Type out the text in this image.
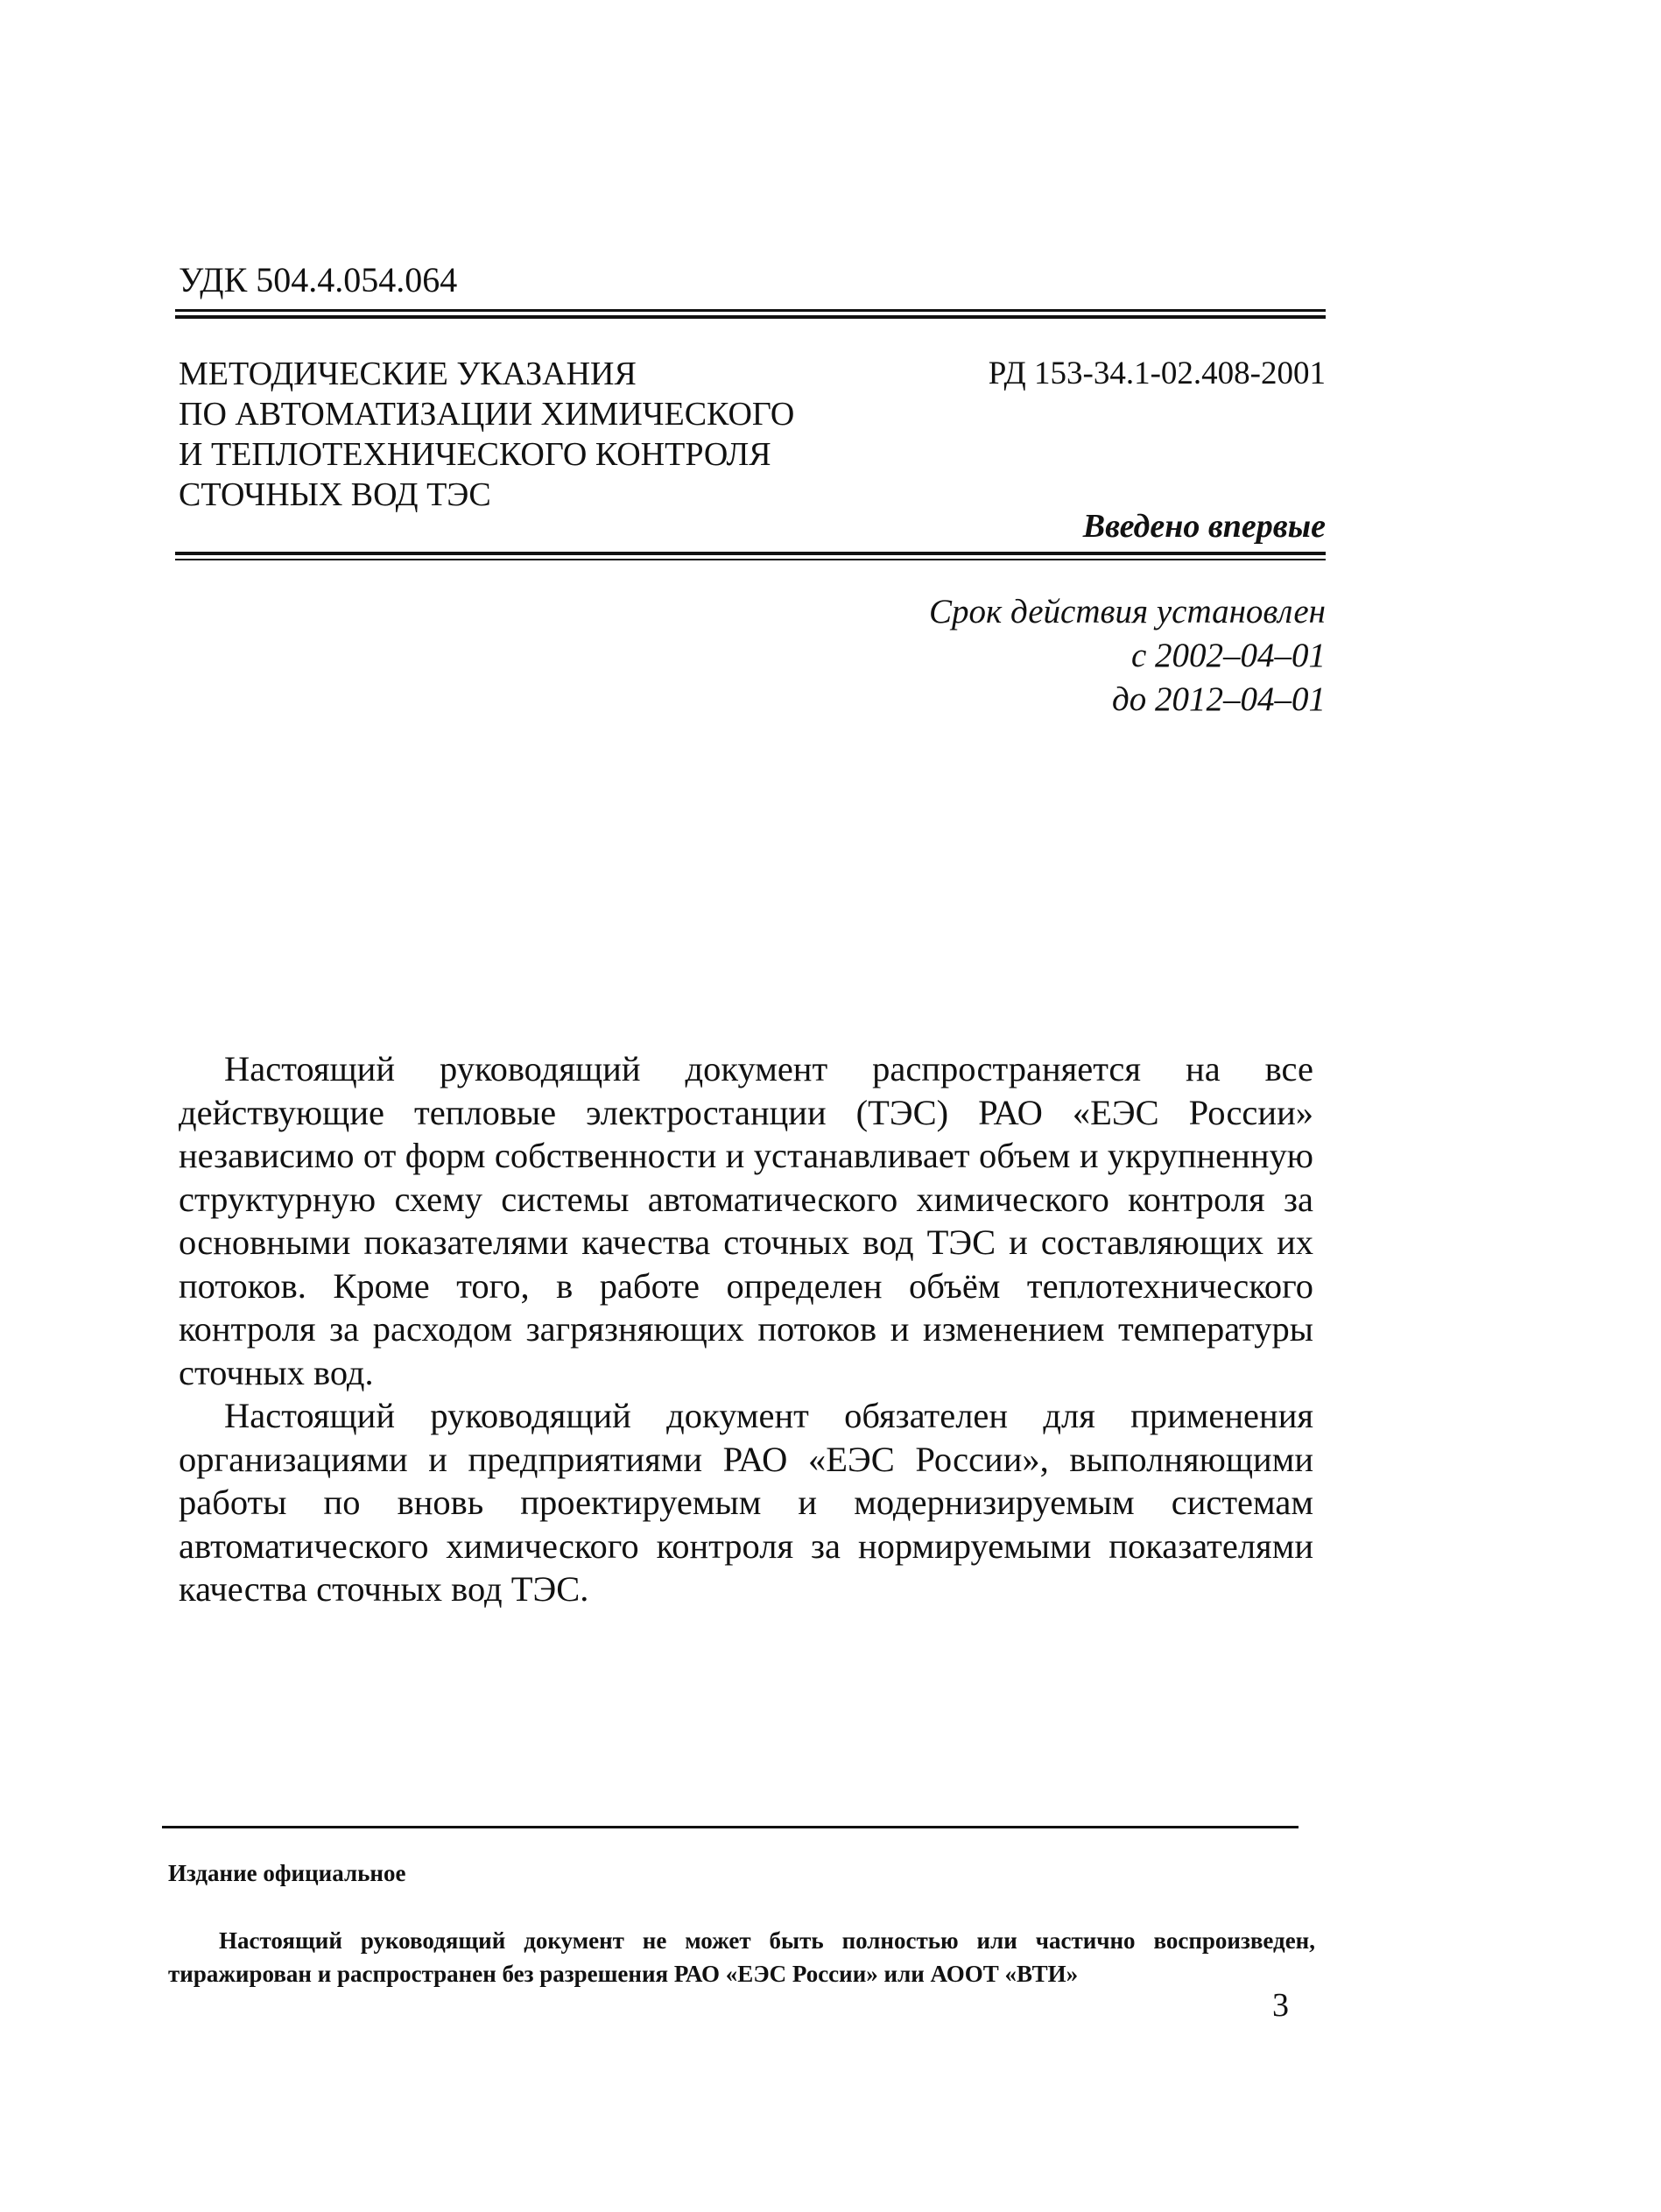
УДК 504.4.054.064
МЕТОДИЧЕСКИЕ УКАЗАНИЯ
ПО АВТОМАТИЗАЦИИ ХИМИЧЕСКОГО
И ТЕПЛОТЕХНИЧЕСКОГО КОНТРОЛЯ
СТОЧНЫХ ВОД ТЭС
РД 153-34.1-02.408-2001
Введено впервые
Срок действия установлен
с 2002–04–01
до 2012–04–01

Настоящий руководящий документ распространяется на все действующие тепловые электростанции (ТЭС) РАО «ЕЭС России» независимо от форм собственности и устанавливает объем и укрупненную структурную схему системы автоматического химического контроля за основными показателями качества сточных вод ТЭС и составляющих их потоков. Кроме того, в работе определен объём теплотехнического контроля за расходом загрязняющих потоков и изменением температуры сточных вод.

Настоящий руководящий документ обязателен для применения организациями и предприятиями РАО «ЕЭС России», выполняющими работы по вновь проектируемым и модернизируемым системам автоматического химического контроля за нормируемыми показателями качества сточных вод ТЭС.

Издание официальное

Настоящий руководящий документ не может быть полностью или частично воспроизведен, тиражирован и распространен без разрешения РАО «ЕЭС России» или АООТ «ВТИ»

3
